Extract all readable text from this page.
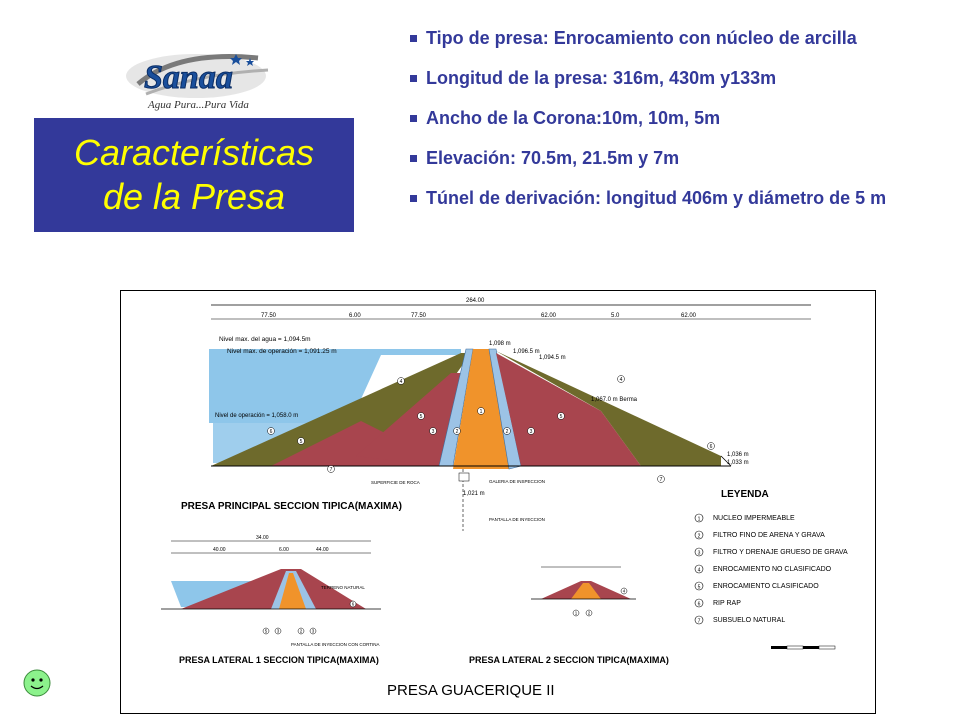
Sanaa
Agua Pura...Pura Vida
Características
de la Presa
Tipo de presa: Enrocamiento con núcleo de arcilla
Longitud de la presa: 316m, 430m y133m
Ancho de la Corona:10m, 10m, 5m
Elevación: 70.5m, 21.5m y 7m
Túnel de derivación: longitud 406m y diámetro de 5 m
264.00
77.50	6.00	77.50	62.00	5.0	62.00
Nivel max. del agua = 1,094.5m
Nivel max. de operación = 1,091.25 m
Nivel de operación = 1,058.0 m
1,098 m
1,096.5 m
1,094.5 m
1,067.0 m Berma
1,036 m
1,033 m
1,021 m
SUPERFICIE DE ROCA	GALERIA DE INSPECCION
PANTALLA DE INYECCION
6
5
4
5
3	2
1
2	3
5
4
6
7
7
PRESA PRINCIPAL SECCION TIPICA(MAXIMA)
LEYENDA
1 NUCLEO IMPERMEABLE
2 FILTRO FINO DE ARENA Y GRAVA
3 FILTRO Y DRENAJE GRUESO DE GRAVA
4 ENROCAMIENTO NO CLASIFICADO
5 ENROCAMIENTO CLASIFICADO
6 RIP RAP
7 SUBSUELO NATURAL
34.00
40.00	6.00	44.00
TERRENO NATURAL
PANTALLA DE INYECCION CON CORTINA
5 3	2 3
6
PRESA LATERAL 1 SECCION TIPICA(MAXIMA)
1 2
4
PRESA LATERAL 2 SECCION TIPICA(MAXIMA)
PRESA GUACERIQUE II
